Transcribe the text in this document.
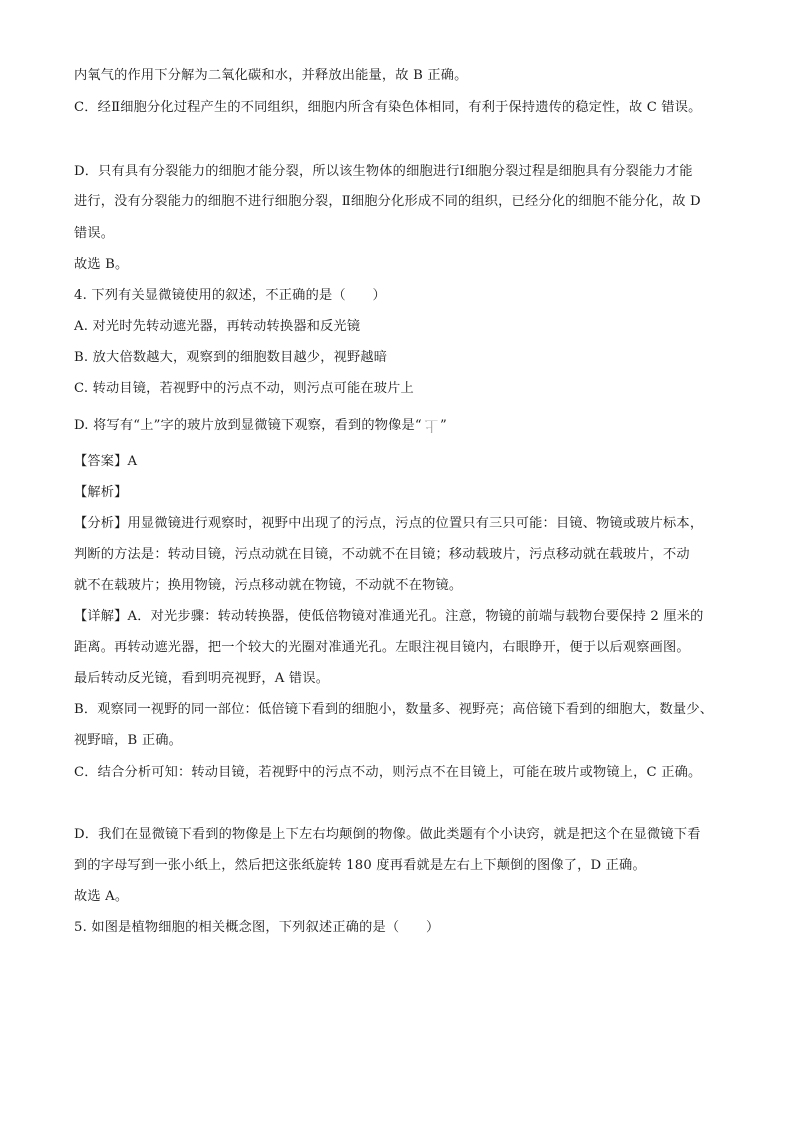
内氧气的作用下分解为二氧化碳和水，并释放出能量，故 B 正确。
C．经Ⅱ细胞分化过程产生的不同组织，细胞内所含有染色体相同，有利于保持遗传的稳定性，故 C 错误。
D．只有具有分裂能力的细胞才能分裂，所以该生物体的细胞进行Ⅰ细胞分裂过程是细胞具有分裂能力才能
进行，没有分裂能力的细胞不进行细胞分裂，Ⅱ细胞分化形成不同的组织，已经分化的细胞不能分化，故 D
错误。
故选 B。
4. 下列有关显微镜使用的叙述，不正确的是（　　）
A. 对光时先转动遮光器，再转动转换器和反光镜
B. 放大倍数越大，观察到的细胞数目越少，视野越暗
C. 转动目镜，若视野中的污点不动，则污点可能在玻片上
D. 将写有“上”字的玻片放到显微镜下观察，看到的物像是“ 上 ”
【答案】A
【解析】
【分析】用显微镜进行观察时，视野中出现了的污点，污点的位置只有三只可能：目镜、物镜或玻片标本，
判断的方法是：转动目镜，污点动就在目镜，不动就不在目镜；移动载玻片，污点移动就在载玻片，不动
就不在载玻片；换用物镜，污点移动就在物镜，不动就不在物镜。
【详解】A．对光步骤：转动转换器，使低倍物镜对准通光孔。注意，物镜的前端与载物台要保持 2 厘米的
距离。再转动遮光器，把一个较大的光圈对准通光孔。左眼注视目镜内，右眼睁开，便于以后观察画图。
最后转动反光镜，看到明亮视野，A 错误。
B．观察同一视野的同一部位：低倍镜下看到的细胞小，数量多、视野亮；高倍镜下看到的细胞大，数量少、
视野暗，B 正确。
C．结合分析可知：转动目镜，若视野中的污点不动，则污点不在目镜上，可能在玻片或物镜上，C 正确。
D．我们在显微镜下看到的物像是上下左右均颠倒的物像。做此类题有个小诀窍，就是把这个在显微镜下看
到的字母写到一张小纸上，然后把这张纸旋转 180 度再看就是左右上下颠倒的图像了，D 正确。
故选 A。
5. 如图是植物细胞的相关概念图，下列叙述正确的是（　　）
